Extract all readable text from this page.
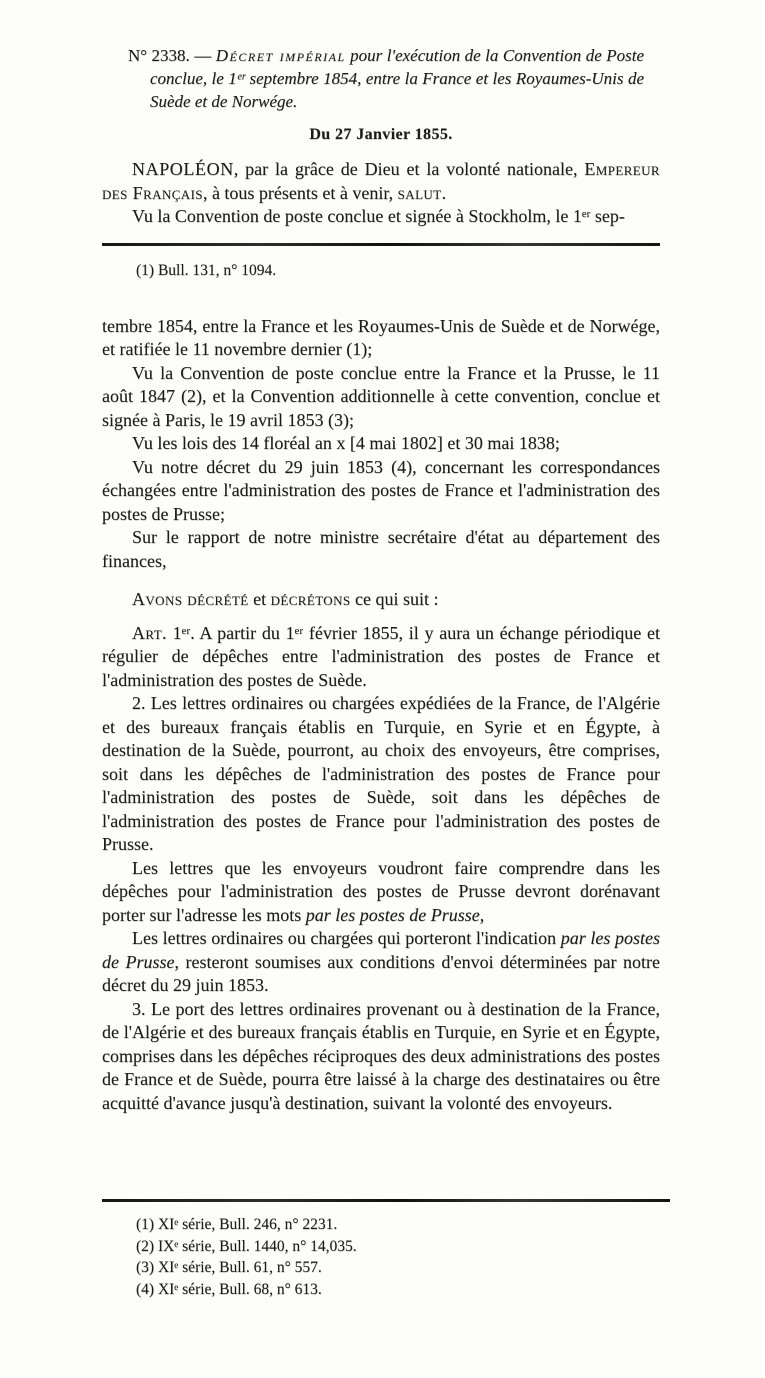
N° 2338. — Décret impérial pour l'exécution de la Convention de Poste conclue, le 1ᵉʳ septembre 1854, entre la France et les Royaumes-Unis de Suède et de Norwége.

Du 27 Janvier 1855.

NAPOLÉON, par la grâce de Dieu et la volonté nationale, Empereur des Français, à tous présents et à venir, salut.

Vu la Convention de poste conclue et signée à Stockholm, le 1ᵉʳ sep-

(1) Bull. 131, n° 1094.

tembre 1854, entre la France et les Royaumes-Unis de Suède et de Norwége, et ratifiée le 11 novembre dernier (1);

Vu la Convention de poste conclue entre la France et la Prusse, le 11 août 1847 (2), et la Convention additionnelle à cette convention, conclue et signée à Paris, le 19 avril 1853 (3);

Vu les lois des 14 floréal an x [4 mai 1802] et 30 mai 1838;

Vu notre décret du 29 juin 1853 (4), concernant les correspondances échangées entre l'administration des postes de France et l'administration des postes de Prusse;

Sur le rapport de notre ministre secrétaire d'état au département des finances,

Avons décrété et décrétons ce qui suit :

Art. 1ᵉʳ. A partir du 1ᵉʳ février 1855, il y aura un échange périodique et régulier de dépêches entre l'administration des postes de France et l'administration des postes de Suède.

2. Les lettres ordinaires ou chargées expédiées de la France, de l'Algérie et des bureaux français établis en Turquie, en Syrie et en Égypte, à destination de la Suède, pourront, au choix des envoyeurs, être comprises, soit dans les dépêches de l'administration des postes de France pour l'administration des postes de Suède, soit dans les dépêches de l'administration des postes de France pour l'administration des postes de Prusse.

Les lettres que les envoyeurs voudront faire comprendre dans les dépêches pour l'administration des postes de Prusse devront dorénavant porter sur l'adresse les mots par les postes de Prusse,

Les lettres ordinaires ou chargées qui porteront l'indication par les postes de Prusse, resteront soumises aux conditions d'envoi déterminées par notre décret du 29 juin 1853.

3. Le port des lettres ordinaires provenant ou à destination de la France, de l'Algérie et des bureaux français établis en Turquie, en Syrie et en Égypte, comprises dans les dépêches réciproques des deux administrations des postes de France et de Suède, pourra être laissé à la charge des destinataires ou être acquitté d'avance jusqu'à destination, suivant la volonté des envoyeurs.

(1) XIᵉ série, Bull. 246, n° 2231.

(2) IXᵉ série, Bull. 1440, n° 14,035.

(3) XIᵉ série, Bull. 61, n° 557.

(4) XIᵉ série, Bull. 68, n° 613.
